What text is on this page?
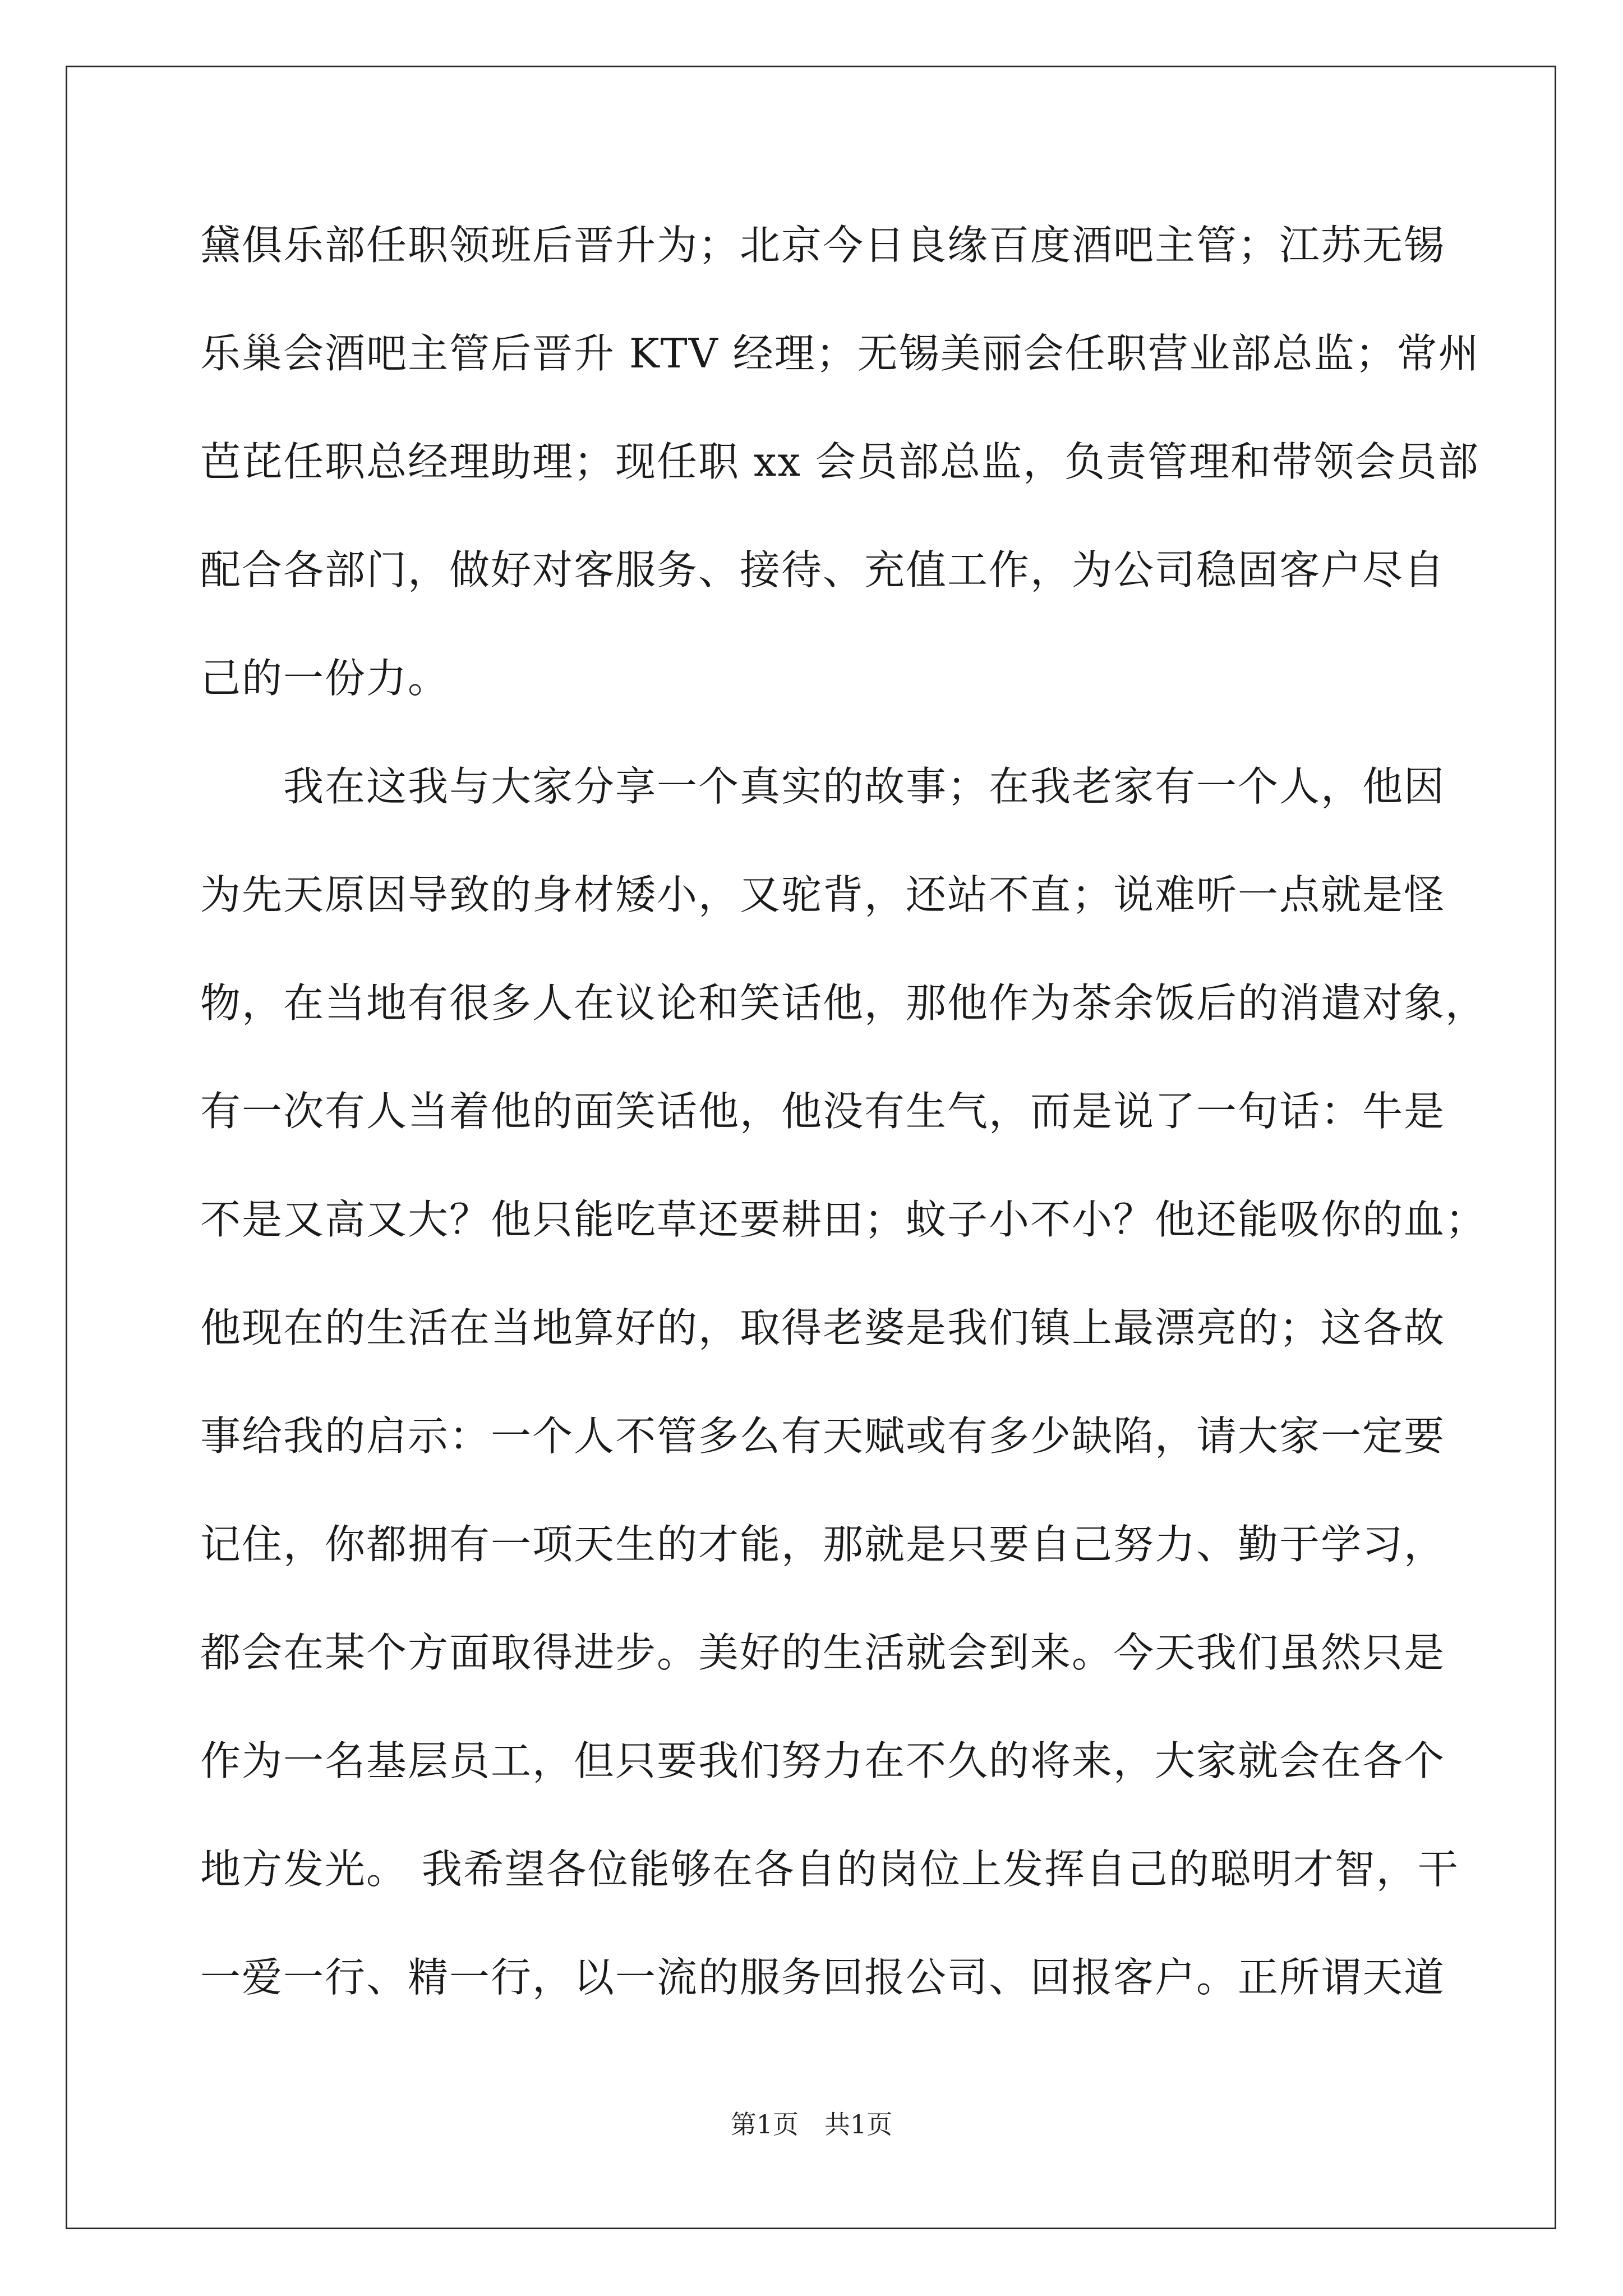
黛俱乐部任职领班后晋升为；北京今日良缘百度酒吧主管；江苏无锡
乐巢会酒吧主管后晋升 KTV 经理；无锡美丽会任职营业部总监；常州
芭芘任职总经理助理；现任职 xx 会员部总监，负责管理和带领会员部
配合各部门，做好对客服务、接待、充值工作，为公司稳固客户尽自
己的一份力。
　　我在这我与大家分享一个真实的故事；在我老家有一个人，他因
为先天原因导致的身材矮小，又驼背，还站不直；说难听一点就是怪
物，在当地有很多人在议论和笑话他，那他作为茶余饭后的消遣对象，
有一次有人当着他的面笑话他，他没有生气，而是说了一句话：牛是
不是又高又大？他只能吃草还要耕田；蚊子小不小？他还能吸你的血；
他现在的生活在当地算好的，取得老婆是我们镇上最漂亮的；这各故
事给我的启示：一个人不管多么有天赋或有多少缺陷，请大家一定要
记住，你都拥有一项天生的才能，那就是只要自己努力、勤于学习，
都会在某个方面取得进步。美好的生活就会到来。今天我们虽然只是
作为一名基层员工，但只要我们努力在不久的将来，大家就会在各个
地方发光。 我希望各位能够在各自的岗位上发挥自己的聪明才智，干
一爱一行、精一行，以一流的服务回报公司、回报客户。正所谓天道
第1页　共1页
